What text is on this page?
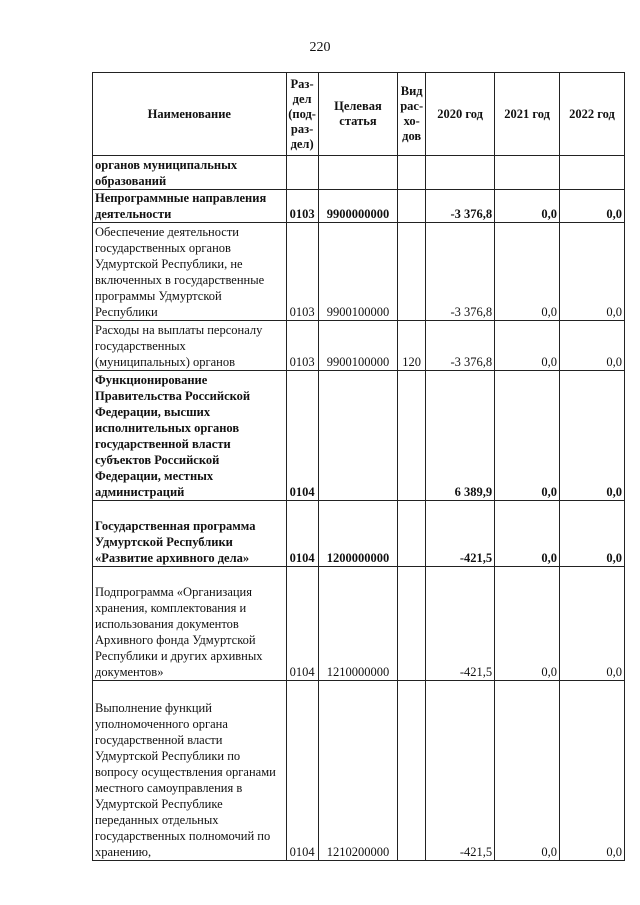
220
Наименование	Раз-дел (под-раз-дел)	Целевая статья	Вид рас-хо-дов	2020 год	2021 год	2022 год
органов муниципальных образований						
Непрограммные направления деятельности	0103	9900000000		-3 376,8	0,0	0,0
Обеспечение деятельности государственных органов Удмуртской Республики, не включенных в государственные программы Удмуртской Республики	0103	9900100000		-3 376,8	0,0	0,0
Расходы на выплаты персоналу государственных (муниципальных) органов	0103	9900100000	120	-3 376,8	0,0	0,0
Функционирование Правительства Российской Федерации, высших исполнительных органов государственной власти субъектов Российской Федерации, местных администраций	0104			6 389,9	0,0	0,0
Государственная программа Удмуртской Республики «Развитие архивного дела»	0104	1200000000		-421,5	0,0	0,0
Подпрограмма «Организация хранения, комплектования и использования документов Архивного фонда Удмуртской Республики и других архивных документов»	0104	1210000000		-421,5	0,0	0,0
Выполнение функций уполномоченного органа государственной власти Удмуртской Республики по вопросу осуществления органами местного самоуправления в Удмуртской Республике переданных отдельных государственных полномочий по хранению,	0104	1210200000		-421,5	0,0	0,0
